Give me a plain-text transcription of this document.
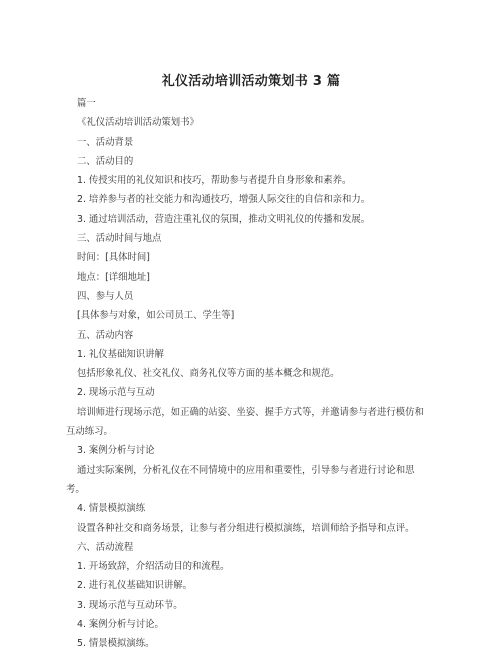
礼仪活动培训活动策划书 3 篇
篇一
《礼仪活动培训活动策划书》
一、活动背景
二、活动目的
1. 传授实用的礼仪知识和技巧，帮助参与者提升自身形象和素养。
2. 培养参与者的社交能力和沟通技巧，增强人际交往的自信和亲和力。
3. 通过培训活动，营造注重礼仪的氛围，推动文明礼仪的传播和发展。
三、活动时间与地点
时间：[具体时间]
地点：[详细地址]
四、参与人员
[具体参与对象，如公司员工、学生等]
五、活动内容
1. 礼仪基础知识讲解
包括形象礼仪、社交礼仪、商务礼仪等方面的基本概念和规范。
2. 现场示范与互动
培训师进行现场示范，如正确的站姿、坐姿、握手方式等，并邀请参与者进行模仿和
互动练习。
3. 案例分析与讨论
通过实际案例，分析礼仪在不同情境中的应用和重要性，引导参与者进行讨论和思
考。
4. 情景模拟演练
设置各种社交和商务场景，让参与者分组进行模拟演练，培训师给予指导和点评。
六、活动流程
1. 开场致辞，介绍活动目的和流程。
2. 进行礼仪基础知识讲解。
3. 现场示范与互动环节。
4. 案例分析与讨论。
5. 情景模拟演练。
